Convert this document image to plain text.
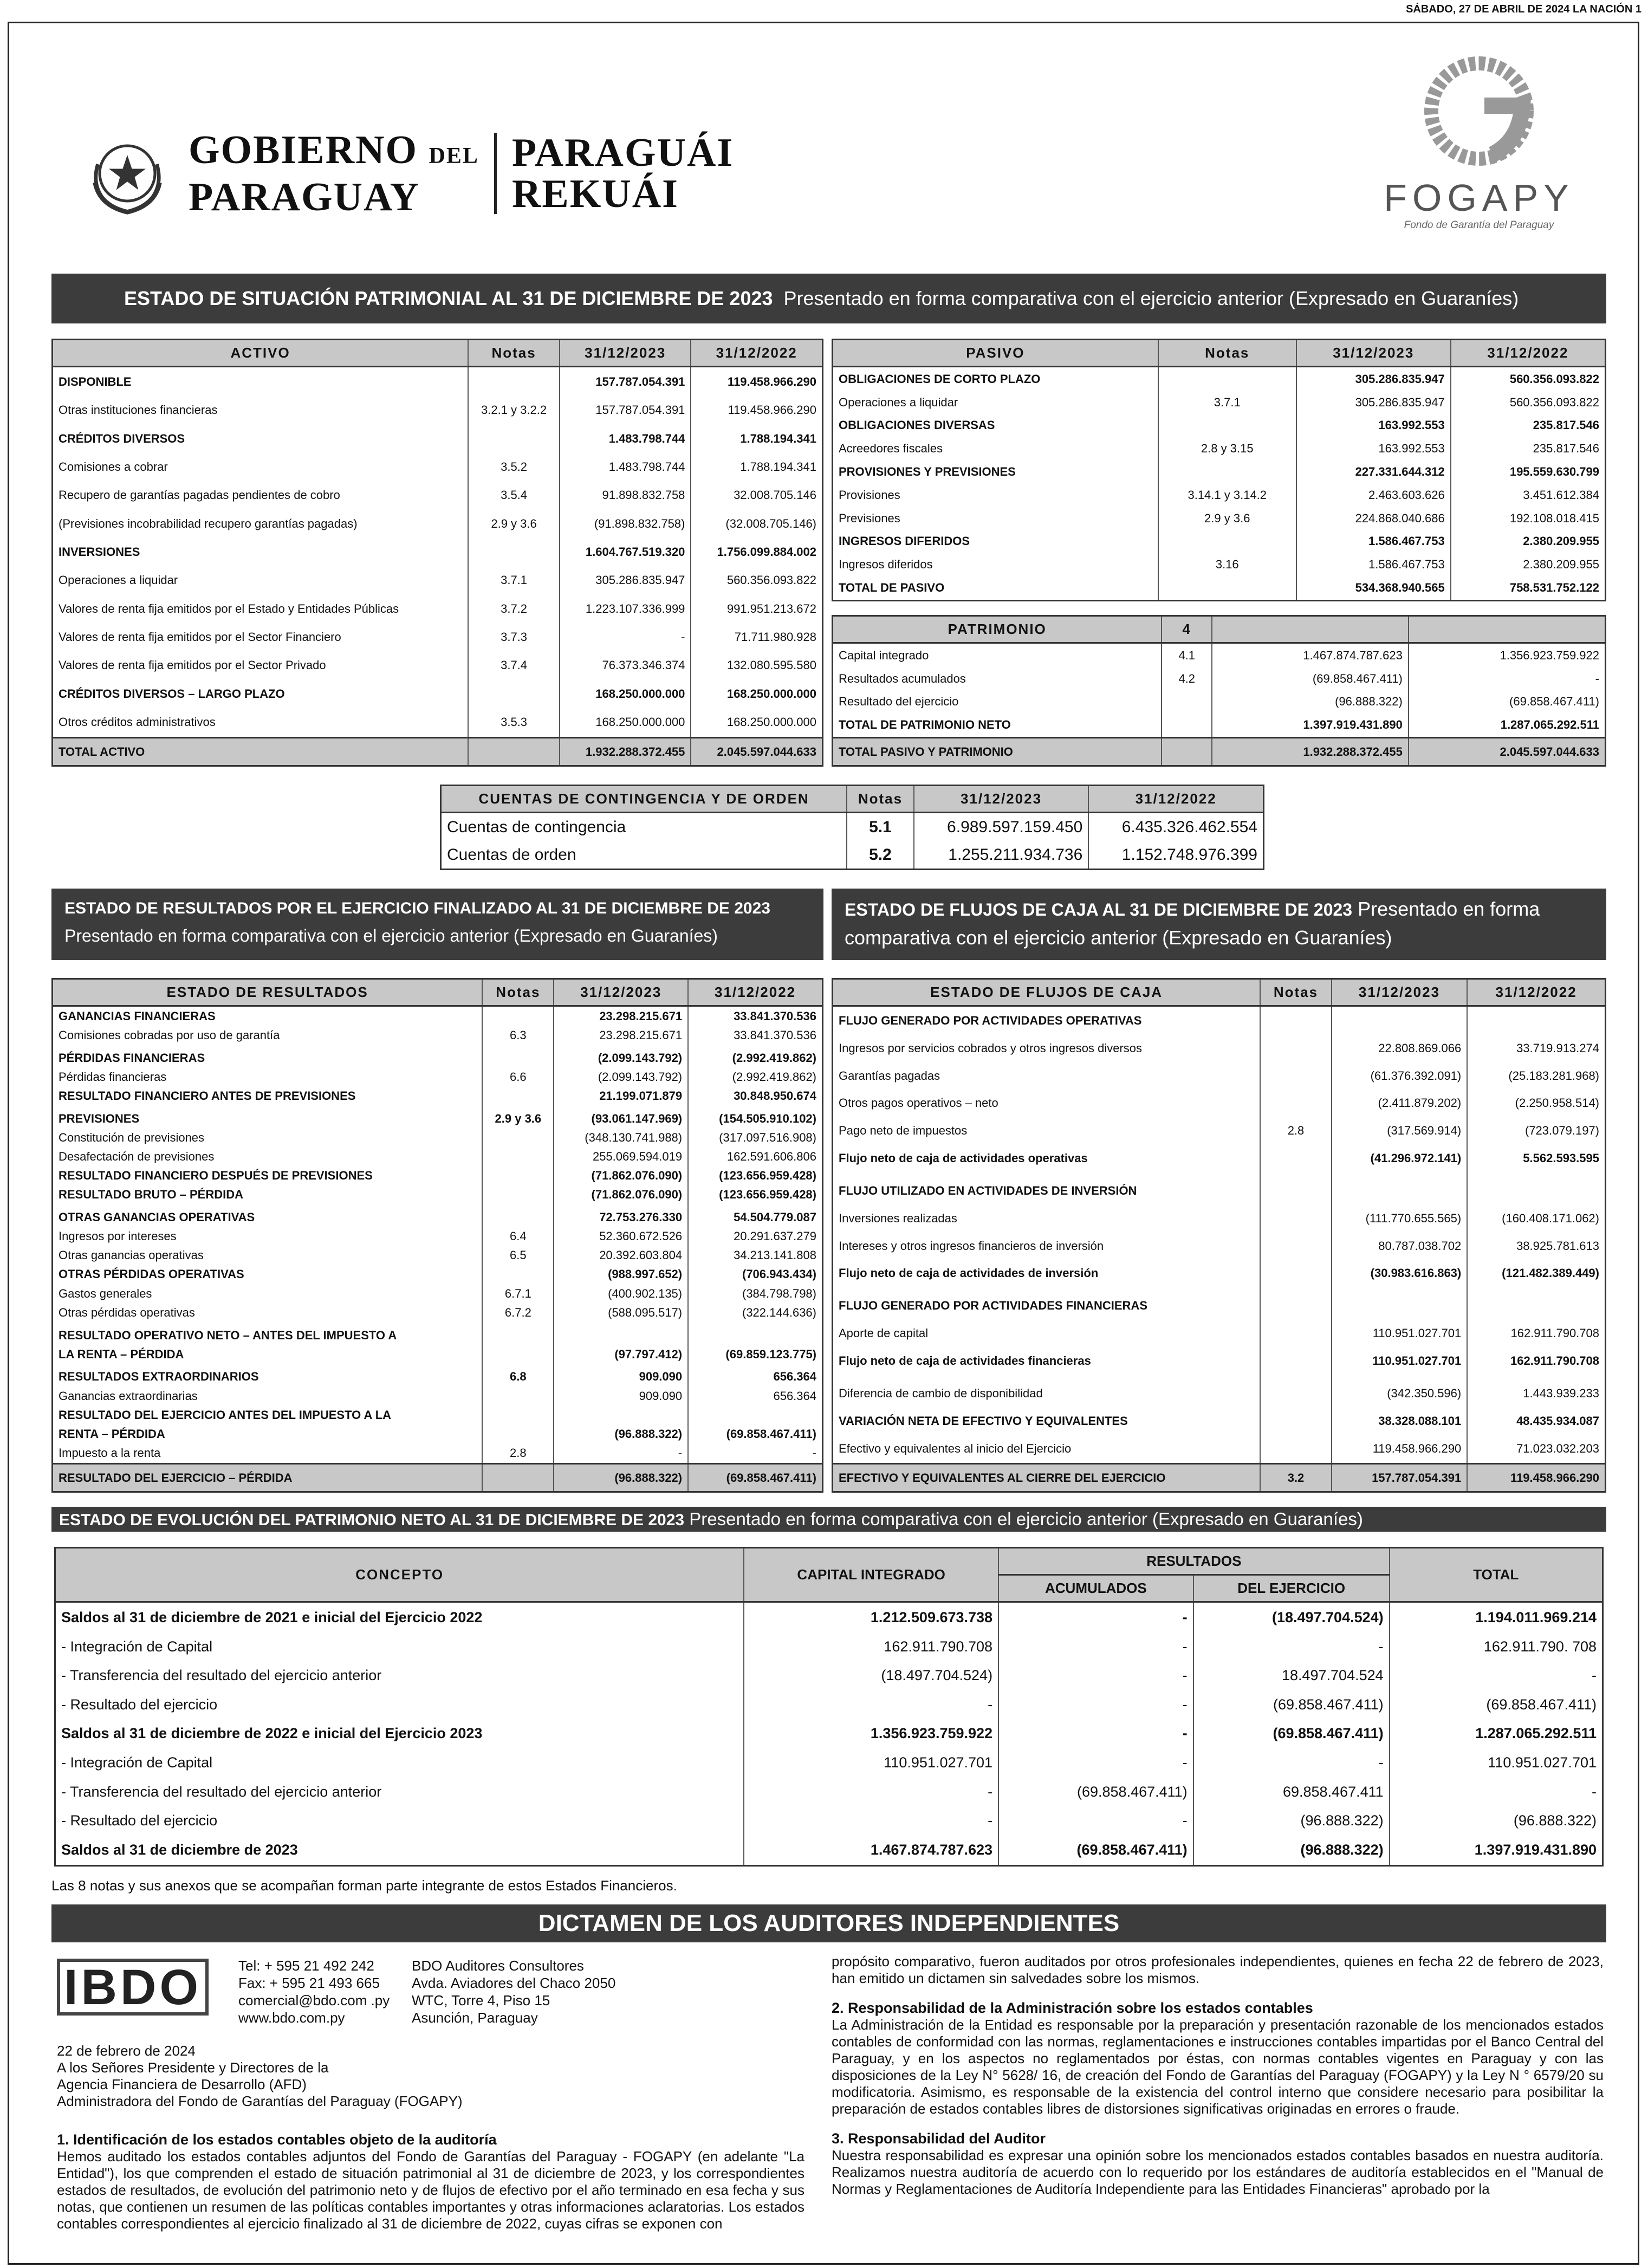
SÁBADO, 27 DE ABRIL DE 2024 LA NACIÓN 1
GOBIERNO DEL
PARAGUAY
PARAGUÁI
REKUÁI	FOGAPY
Fondo de Garantía del Paraguay
ESTADO DE SITUACIÓN PATRIMONIAL AL 31 DE DICIEMBRE DE 2023 Presentado en forma comparativa con el ejercicio anterior (Expresado en Guaraníes)
ACTIVO	Notas	31/12/2023	31/12/2022
DISPONIBLE		157.787.054.391	119.458.966.290
Otras instituciones financieras	3.2.1 y 3.2.2	157.787.054.391	119.458.966.290
CRÉDITOS DIVERSOS		1.483.798.744	1.788.194.341
Comisiones a cobrar	3.5.2	1.483.798.744	1.788.194.341
Recupero de garantías pagadas pendientes de cobro	3.5.4	91.898.832.758	32.008.705.146
(Previsiones incobrabilidad recupero garantías pagadas)	2.9 y 3.6	(91.898.832.758)	(32.008.705.146)
INVERSIONES		1.604.767.519.320	1.756.099.884.002
Operaciones a liquidar	3.7.1	305.286.835.947	560.356.093.822
Valores de renta fija emitidos por el Estado y Entidades Públicas	3.7.2	1.223.107.336.999	991.951.213.672
Valores de renta fija emitidos por el Sector Financiero	3.7.3	-	71.711.980.928
Valores de renta fija emitidos por el Sector Privado	3.7.4	76.373.346.374	132.080.595.580
CRÉDITOS DIVERSOS – LARGO PLAZO		168.250.000.000	168.250.000.000
Otros créditos administrativos	3.5.3	168.250.000.000	168.250.000.000
TOTAL ACTIVO		1.932.288.372.455	2.045.597.044.633
PASIVO	Notas	31/12/2023	31/12/2022
OBLIGACIONES DE CORTO PLAZO		305.286.835.947	560.356.093.822
Operaciones a liquidar	3.7.1	305.286.835.947	560.356.093.822
OBLIGACIONES DIVERSAS		163.992.553	235.817.546
Acreedores fiscales	2.8 y 3.15	163.992.553	235.817.546
PROVISIONES Y PREVISIONES		227.331.644.312	195.559.630.799
Provisiones	3.14.1 y 3.14.2	2.463.603.626	3.451.612.384
Previsiones	2.9 y 3.6	224.868.040.686	192.108.018.415
INGRESOS DIFERIDOS		1.586.467.753	2.380.209.955
Ingresos diferidos	3.16	1.586.467.753	2.380.209.955
TOTAL DE PASIVO		534.368.940.565	758.531.752.122
PATRIMONIO	4		
Capital integrado	4.1	1.467.874.787.623	1.356.923.759.922
Resultados acumulados	4.2	(69.858.467.411)	-
Resultado del ejercicio		(96.888.322)	(69.858.467.411)
TOTAL DE PATRIMONIO NETO		1.397.919.431.890	1.287.065.292.511
TOTAL PASIVO Y PATRIMONIO		1.932.288.372.455	2.045.597.044.633
CUENTAS DE CONTINGENCIA Y DE ORDEN	Notas	31/12/2023	31/12/2022
Cuentas de contingencia	5.1	6.989.597.159.450	6.435.326.462.554
Cuentas de orden	5.2	1.255.211.934.736	1.152.748.976.399
ESTADO DE RESULTADOS POR EL EJERCICIO FINALIZADO AL 31 DE DICIEMBRE DE 2023
Presentado en forma comparativa con el ejercicio anterior (Expresado en Guaraníes)
ESTADO DE FLUJOS DE CAJA AL 31 DE DICIEMBRE DE 2023 Presentado en forma comparativa con el ejercicio anterior (Expresado en Guaraníes)
ESTADO DE RESULTADOS	Notas	31/12/2023	31/12/2022
GANANCIAS FINANCIERAS		23.298.215.671	33.841.370.536
Comisiones cobradas por uso de garantía	6.3	23.298.215.671	33.841.370.536

PÉRDIDAS FINANCIERAS		(2.099.143.792)	(2.992.419.862)
Pérdidas financieras	6.6	(2.099.143.792)	(2.992.419.862)
RESULTADO FINANCIERO ANTES DE PREVISIONES		21.199.071.879	30.848.950.674

PREVISIONES	2.9 y 3.6	(93.061.147.969)	(154.505.910.102)
Constitución de previsiones		(348.130.741.988)	(317.097.516.908)
Desafectación de previsiones		255.069.594.019	162.591.606.806
RESULTADO FINANCIERO DESPUÉS DE PREVISIONES		(71.862.076.090)	(123.656.959.428)
RESULTADO BRUTO – PÉRDIDA		(71.862.076.090)	(123.656.959.428)

OTRAS GANANCIAS OPERATIVAS		72.753.276.330	54.504.779.087
Ingresos por intereses	6.4	52.360.672.526	20.291.637.279
Otras ganancias operativas	6.5	20.392.603.804	34.213.141.808
OTRAS PÉRDIDAS OPERATIVAS		(988.997.652)	(706.943.434)
Gastos generales	6.7.1	(400.902.135)	(384.798.798)
Otras pérdidas operativas	6.7.2	(588.095.517)	(322.144.636)

RESULTADO OPERATIVO NETO – ANTES DEL IMPUESTO A			
LA RENTA – PÉRDIDA		(97.797.412)	(69.859.123.775)

RESULTADOS EXTRAORDINARIOS	6.8	909.090	656.364
Ganancias extraordinarias		909.090	656.364
RESULTADO DEL EJERCICIO ANTES DEL IMPUESTO A LA			
RENTA – PÉRDIDA		(96.888.322)	(69.858.467.411)
Impuesto a la renta	2.8	-	-
RESULTADO DEL EJERCICIO – PÉRDIDA		(96.888.322)	(69.858.467.411)
ESTADO DE FLUJOS DE CAJA	Notas	31/12/2023	31/12/2022
FLUJO GENERADO POR ACTIVIDADES OPERATIVAS			
Ingresos por servicios cobrados y otros ingresos diversos		22.808.869.066	33.719.913.274
Garantías pagadas		(61.376.392.091)	(25.183.281.968)
Otros pagos operativos – neto		(2.411.879.202)	(2.250.958.514)
Pago neto de impuestos	2.8	(317.569.914)	(723.079.197)
Flujo neto de caja de actividades operativas		(41.296.972.141)	5.562.593.595

FLUJO UTILIZADO EN ACTIVIDADES DE INVERSIÓN			
Inversiones realizadas		(111.770.655.565)	(160.408.171.062)
Intereses y otros ingresos financieros de inversión		80.787.038.702	38.925.781.613
Flujo neto de caja de actividades de inversión		(30.983.616.863)	(121.482.389.449)

FLUJO GENERADO POR ACTIVIDADES FINANCIERAS			
Aporte de capital		110.951.027.701	162.911.790.708
Flujo neto de caja de actividades financieras		110.951.027.701	162.911.790.708

Diferencia de cambio de disponibilidad		(342.350.596)	1.443.939.233
VARIACIÓN NETA DE EFECTIVO Y EQUIVALENTES		38.328.088.101	48.435.934.087
Efectivo y equivalentes al inicio del Ejercicio		119.458.966.290	71.023.032.203
EFECTIVO Y EQUIVALENTES AL CIERRE DEL EJERCICIO	3.2	157.787.054.391	119.458.966.290
ESTADO DE EVOLUCIÓN DEL PATRIMONIO NETO AL 31 DE DICIEMBRE DE 2023 Presentado en forma comparativa con el ejercicio anterior (Expresado en Guaraníes)
CONCEPTO	CAPITAL INTEGRADO	RESULTADOS		TOTAL
		ACUMULADOS	DEL EJERCICIO	
Saldos al 31 de diciembre de 2021 e inicial del Ejercicio 2022	1.212.509.673.738	-	(18.497.704.524)	1.194.011.969.214
- Integración de Capital	162.911.790.708	-	-	162.911.790. 708
- Transferencia del resultado del ejercicio anterior	(18.497.704.524)	-	18.497.704.524	-
- Resultado del ejercicio	-	-	(69.858.467.411)	(69.858.467.411)
Saldos al 31 de diciembre de 2022 e inicial del Ejercicio 2023	1.356.923.759.922	-	(69.858.467.411)	1.287.065.292.511
- Integración de Capital	110.951.027.701	-	-	110.951.027.701
- Transferencia del resultado del ejercicio anterior	-	(69.858.467.411)	69.858.467.411	-
- Resultado del ejercicio	-	-	(96.888.322)	(96.888.322)
Saldos al 31 de diciembre de 2023	1.467.874.787.623	(69.858.467.411)	(96.888.322)	1.397.919.431.890
Las 8 notas y sus anexos que se acompañan forman parte integrante de estos Estados Financieros.
DICTAMEN DE LOS AUDITORES INDEPENDIENTES
IBDO	Tel: + 595 21 492 242
Fax: + 595 21 493 665
comercial@bdo.com .py
www.bdo.com.py
BDO Auditores Consultores
Avda. Aviadores del Chaco 2050
WTC, Torre 4, Piso 15
Asunción, Paraguay
22 de febrero de 2024
A los Señores Presidente y Directores de la
Agencia Financiera de Desarrollo (AFD)
Administradora del Fondo de Garantías del Paraguay (FOGAPY)
1. Identificación de los estados contables objeto de la auditoría
Hemos auditado los estados contables adjuntos del Fondo de Garantías del Paraguay - FOGAPY (en adelante "La Entidad"), los que comprenden el estado de situación patrimonial al 31 de diciembre de 2023, y los correspondientes estados de resultados, de evolución del patrimonio neto y de flujos de efectivo por el año terminado en esa fecha y sus notas, que contienen un resumen de las políticas contables importantes y otras informaciones aclaratorias. Los estados contables correspondientes al ejercicio finalizado al 31 de diciembre de 2022, cuyas cifras se exponen con
propósito comparativo, fueron auditados por otros profesionales independientes, quienes en fecha 22 de febrero de 2023, han emitido un dictamen sin salvedades sobre los mismos.
2. Responsabilidad de la Administración sobre los estados contables
La Administración de la Entidad es responsable por la preparación y presentación razonable de los mencionados estados contables de conformidad con las normas, reglamentaciones e instrucciones contables impartidas por el Banco Central del Paraguay, y en los aspectos no reglamentados por éstas, con normas contables vigentes en Paraguay y con las disposiciones de la Ley N° 5628/ 16, de creación del Fondo de Garantías del Paraguay (FOGAPY) y la Ley N ° 6579/20 su modificatoria. Asimismo, es responsable de la existencia del control interno que considere necesario para posibilitar la preparación de estados contables libres de distorsiones significativas originadas en errores o fraude.
3. Responsabilidad del Auditor
Nuestra responsabilidad es expresar una opinión sobre los mencionados estados contables basados en nuestra auditoría. Realizamos nuestra auditoría de acuerdo con lo requerido por los estándares de auditoría establecidos en el "Manual de Normas y Reglamentaciones de Auditoría Independiente para las Entidades Financieras" aprobado por la
